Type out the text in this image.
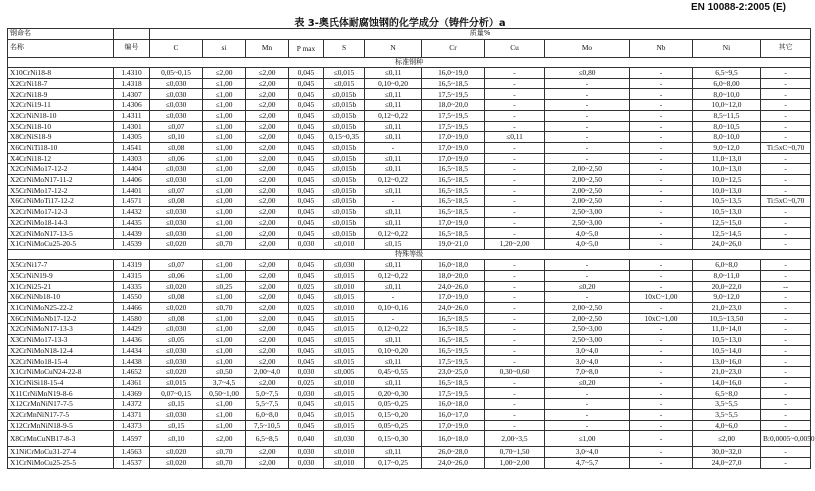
EN 10088-2:2005 (E)
表 3-奥氏体耐腐蚀钢的化学成分（铸件分析）a
钢命名		质量%											
名称	编号	C	si	Mn	P max	S	N	Cr	Cu	Mo	Nb	Ni	其它
标准钢种													
X10CrNi18-8	1.4310	0,05~0,15	≤2,00	≤2,00	0,045	≤0,015	≤0,11	16,0~19,0	-	≤0,80	-	6,5~9,5	-
X2CrNi18-7	1.4318	≤0,030	≤1,00	≤2,00	0,045	≤0,015	0,10~0,20	16,5~18,5	-	-	-	6,0~8,00	-
X2CrNi18-9	1.4307	≤0,030	≤1,00	≤2,00	0,045	≤0,015b	≤0,11	17,5~19,5	-	-	-	8,0~10,0	-
X2CrNi19-11	1.4306	≤0,030	≤1,00	≤2,00	0,045	≤0,015b	≤0,11	18,0~20,0	-	-	-	10,0~12,0	-
X2CrNiN18-10	1.4311	≤0,030	≤1,00	≤2,00	0,045	≤0,015b	0,12~0,22	17,5~19,5	-	-	-	8,5~11,5	-
X5CrNi18-10	1.4301	≤0,07	≤1,00	≤2,00	0,045	≤0,015b	≤0,11	17,5~19,5	-	-	-	8,0~10,5	-
X8CrNiS18-9	1.4305	≤0,10	≤1,00	≤2,00	0,045	0,15~0,35	≤0,11	17,0~19,0	≤0,11	-	-	8,0~10,0	-
X6CrNiTi18-10	1.4541	≤0,08	≤1,00	≤2,00	0,045	≤0,015b	-	17,0~19,0	-	-	-	9,0~12,0	Ti:5xC~0,70
X4CrNi18-12	1.4303	≤0,06	≤1,00	≤2,00	0,045	≤0,015b	≤0,11	17,0~19,0	-	-	-	11,0~13,0	-
X2CrNiMo17-12-2	1.4404	≤0,030	≤1,00	≤2,00	0,045	≤0,015b	≤0,11	16,5~18,5	-	2,00~2,50	-	10,0~13,0	-
X2CrNiMoN17-11-2	1.4406	≤0,030	≤1,00	≤2,00	0,045	≤0,015b	0,12~0,22	16,5~18,5	-	2,00~2,50	-	10,0~12,5	-
X5CrNiMo17-12-2	1.4401	≤0,07	≤1,00	≤2,00	0,045	≤0,015b	≤0,11	16,5~18,5	-	2,00~2,50	-	10,0~13,0	-
X6CrNiMoTi17-12-2	1.4571	≤0,08	≤1,00	≤2,00	0,045	≤0,015b	-	16,5~18,5	-	2,00~2,50	-	10,5~13,5	Ti:5xC~0,70
X2CrNiMo17-12-3	1.4432	≤0,030	≤1,00	≤2,00	0,045	≤0,015b	≤0,11	16,5~18,5	-	2,50~3,00	-	10,5~13,0	-
X2CrNiMo18-14-3	1.4435	≤0,030	≤1,00	≤2,00	0,045	≤0,015b	≤0,11	17,0~19,0	-	2,50~3,00	-	12,5~15,0	-
X2CrNiMoN17-13-5	1.4439	≤0,030	≤1,00	≤2,00	0,045	≤0,015b	0,12~0,22	16,5~18,5	-	4,0~5,0	-	12,5~14,5	-
X1CrNiMoCu25-20-5	1.4539	≤0,020	≤0,70	≤2,00	0,030	≤0,010	≤0,15	19,0~21,0	1,20~2,00	4,0~5,0	-	24,0~26,0	-
特殊等级													
X5CrNi17-7	1.4319	≤0,07	≤1,00	≤2,00	0,045	≤0,030	≤0,11	16,0~18,0	-	-	-	6,0~8,0	-
X5CrNiN19-9	1.4315	≤0,06	≤1,00	≤2,00	0,045	≤0,015	0,12~0,22	18,0~20,0	-	-	-	8,0~11,0	-
X1CrNi25-21	1.4335	≤0,020	≤0,25	≤2,00	0,025	≤0,010	≤0,11	24,0~26,0	-	≤0,20	-	20,0~22,0	--
X6CrNiNb18-10	1.4550	≤0,08	≤1,00	≤2,00	0,045	≤0,015	-	17,0~19,0	-	-	10xC~1,00	9,0~12,0	-
X1CrNiMoN25-22-2	1.4466	≤0,020	≤0,70	≤2,00	0,025	≤0,010	0,10~0,16	24,0~26,0	-	2,00~2,50	-	21,0~23,0	-
X6CrNiMoNb17-12-2	1.4580	≤0,08	≤1,00	≤2,00	0,045	≤0,015	-	16,5~18,5	-	2,00~2,50	10xC~1,00	10,5~13,50	-
X2CrNiMoN17-13-3	1.4429	≤0,030	≤1,00	≤2,00	0,045	≤0,015	0,12~0,22	16,5~18,5	-	2,50~3,00	-	11,0~14,0	-
X3CrNiMo17-13-3	1.4436	≤0,05	≤1,00	≤2,00	0,045	≤0,015	≤0,11	16,5~18,5	-	2,50~3,00	-	10,5~13,0	-
X2CrNiMoN18-12-4	1.4434	≤0,030	≤1,00	≤2,00	0,045	≤0,015	0,10~0,20	16,5~19,5	-	3,0~4,0	-	10,5~14,0	-
X2CrNiMo18-15-4	1.4438	≤0,030	≤1,00	≤2,00	0,045	≤0,015	≤0,11	17,5~19,5	-	3,0~4,0	-	13,0~16,0	-
X1CrNiMoCuN24-22-8	1.4652	≤0,020	≤0,50	2,00~4,0	0,030	≤0,005	0,45~0,55	23,0~25,0	0,30~0,60	7,0~8,0	-	21,0~23,0	-
X1CrNiSi18-15-4	1.4361	≤0,015	3,7~4,5	≤2,00	0,025	≤0,010	≤0,11	16,5~18,5	-	≤0,20	-	14,0~16,0	-
X11CrNiMnN19-8-6	1.4369	0,07~0,15	0,50~1,00	5,0~7,5	0,030	≤0,015	0,20~0,30	17,5~19,5	-	-	-	6,5~8,0	-
X12CrMnNiN17-7-5	1.4372	≤0,15	≤1,00	5,5~7,5	0,045	≤0,015	0,05~0,25	16,0~18,0	-	-	-	3,5~5,5	-
X2CrMnNiN17-7-5	1.4371	≤0,030	≤1,00	6,0~8,0	0,045	≤0,015	0,15~0,20	16,0~17,0	-	-	-	3,5~5,5	-
X12CrMnNiN18-9-5	1.4373	≤0,15	≤1,00	7,5~10,5	0,045	≤0,015	0,05~0,25	17,0~19,0	-	-	-	4,0~6,0	-
X8CrMnCuNB17-8-3	1.4597	≤0,10	≤2,00	6,5~8,5	0,040	≤0,030	0,15~0,30	16,0~18,0	2,00~3,5	≤1,00	-	≤2,00	B:0,0005~0,0050
X1NiCrMoCu31-27-4	1.4563	≤0,020	≤0,70	≤2,00	0,030	≤0,010	≤0,11	26,0~28,0	0,70~1,50	3,0~4,0	-	30,0~32,0	-
X1CrNiMoCu25-25-5	1.4537	≤0,020	≤0,70	≤2,00	0,030	≤0,010	0,17~0,25	24,0~26,0	1,00~2,00	4,7~5,7	-	24,0~27,0	-
